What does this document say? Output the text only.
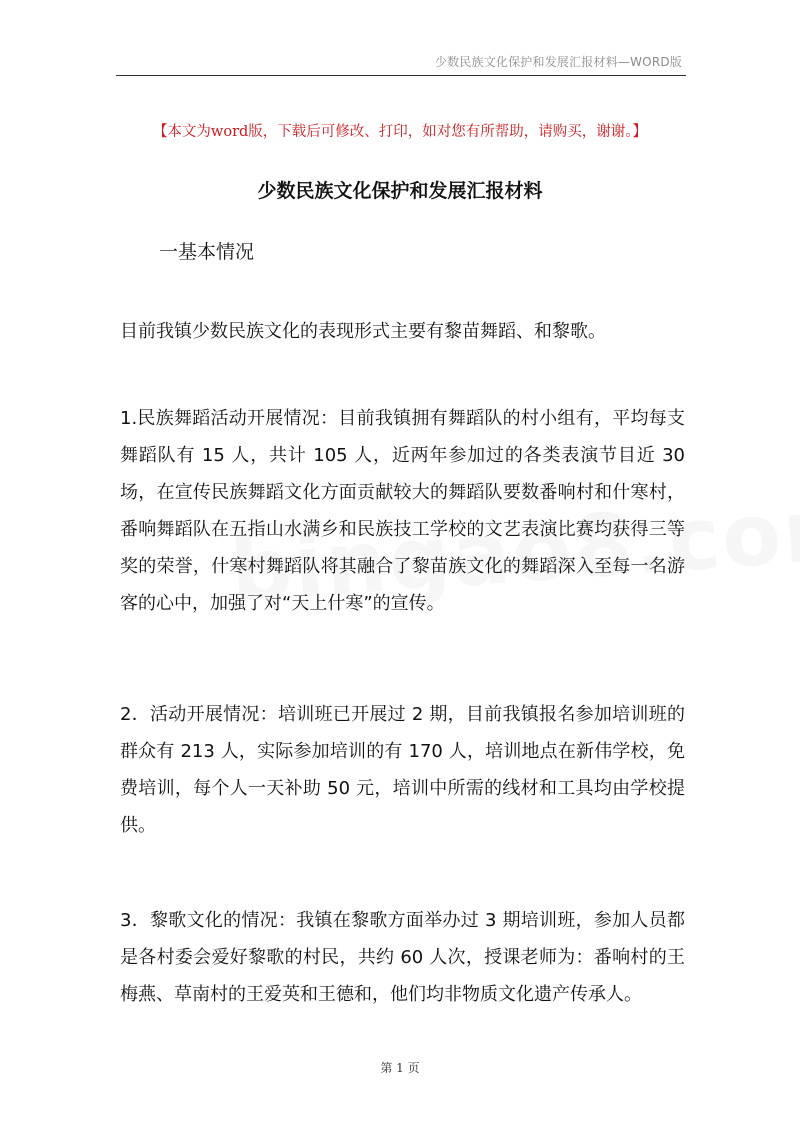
少数民族文化保护和发展汇报材料—WORD版
【本文为word版，下载后可修改、打印，如对您有所帮助，请购买，谢谢。】
少数民族文化保护和发展汇报材料
一基本情况

目前我镇少数民族文化的表现形式主要有黎苗舞蹈、和黎歌。

1.民族舞蹈活动开展情况：目前我镇拥有舞蹈队的村小组有，平均每支舞蹈队有 15 人，共计 105 人，近两年参加过的各类表演节目近 30 场，在宣传民族舞蹈文化方面贡献较大的舞蹈队要数番响村和什寒村，番响舞蹈队在五指山水满乡和民族技工学校的文艺表演比赛均获得三等奖的荣誉，什寒村舞蹈队将其融合了黎苗族文化的舞蹈深入至每一名游客的心中，加强了对“天上什寒”的宣传。

2．活动开展情况：培训班已开展过 2 期，目前我镇报名参加培训班的群众有 213 人，实际参加培训的有 170 人，培训地点在新伟学校，免费培训，每个人一天补助 50 元，培训中所需的线材和工具均由学校提供。

3．黎歌文化的情况：我镇在黎歌方面举办过 3 期培训班，参加人员都是各村委会爱好黎歌的村民，共约 60 人次，授课老师为：番响村的王梅燕、草南村的王爱英和王德和，他们均非物质文化遗产传承人。

第 1 页
